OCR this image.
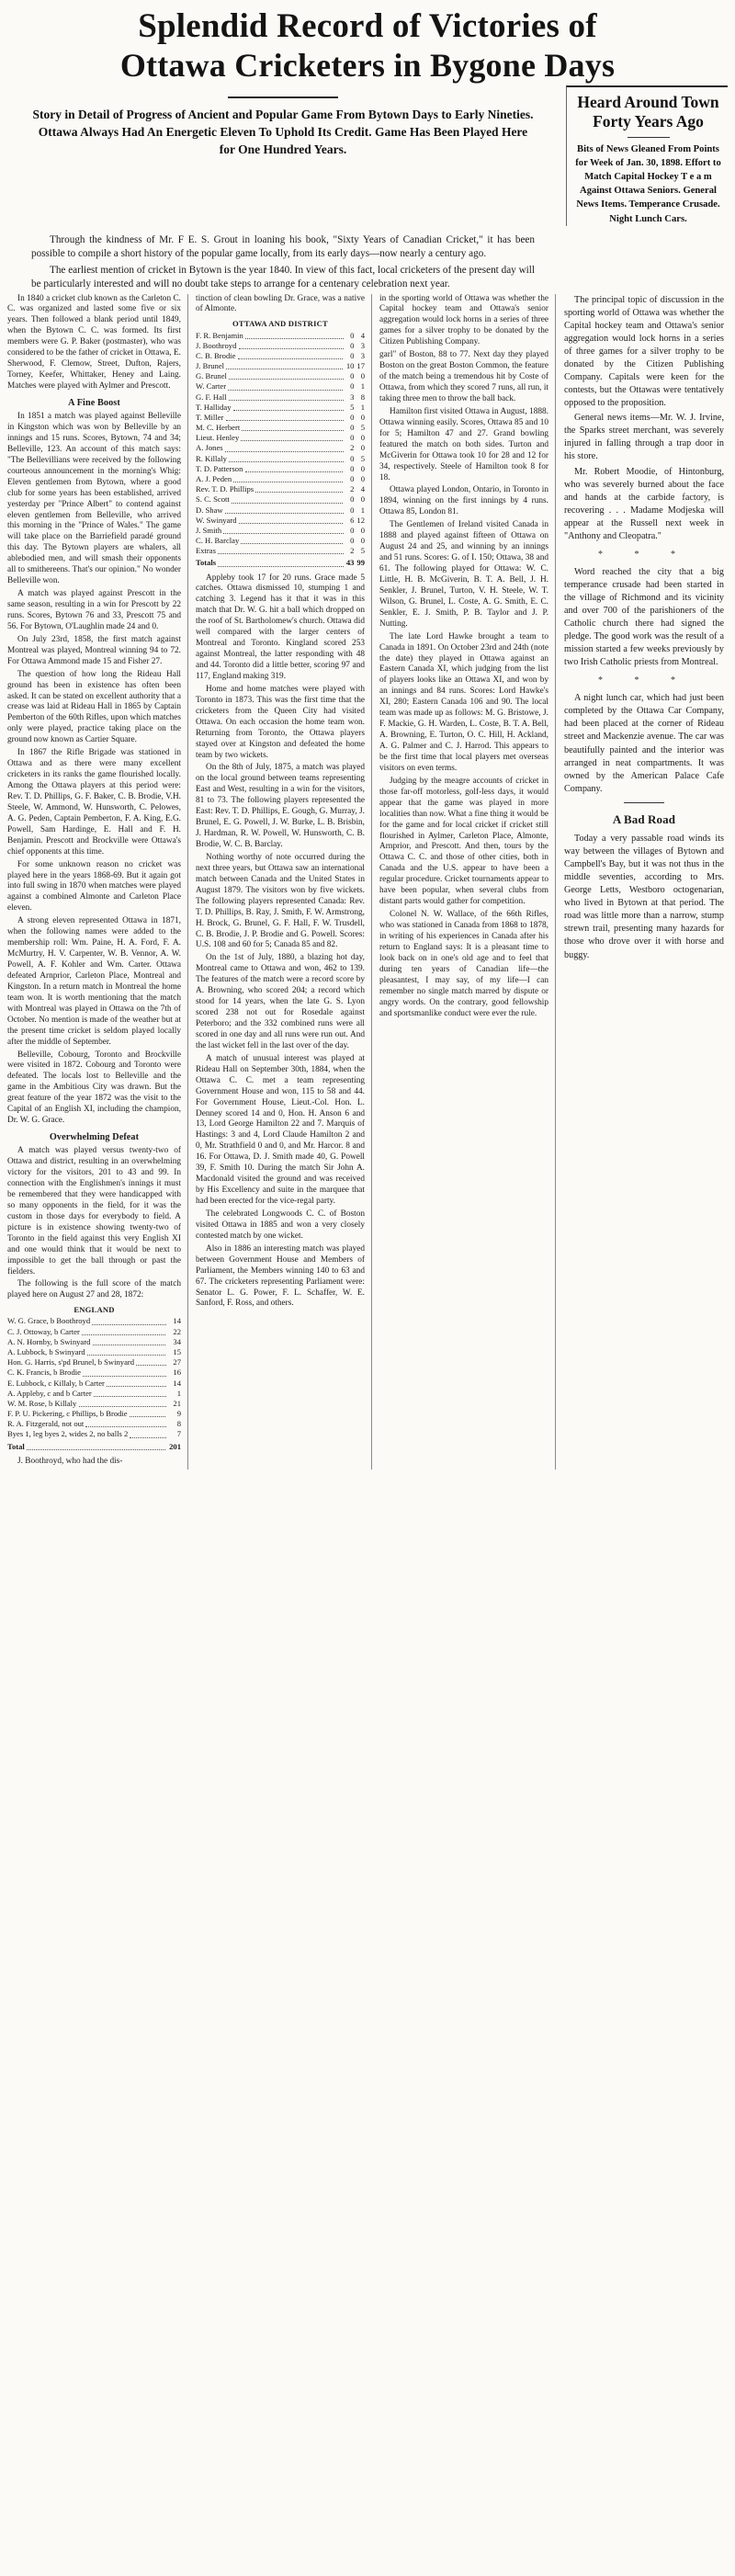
Splendid Record of Victories of
Ottawa Cricketers in Bygone Days

Story in Detail of Progress of Ancient and Popular Game From Bytown Days to Early Nineties. Ottawa Always Had An Energetic Eleven To Uphold Its Credit. Game Has Been Played Here for One Hundred Years.

Heard Around Town
Forty Years Ago
Bits of News Gleaned From Points for Week of Jan. 30, 1898. Effort to Match Capital Hockey T e a m Against Ottawa Seniors. General News Items. Temperance Crusade. Night Lunch Cars.

Through the kindness of Mr. F E. S. Grout in loaning his book, "Sixty Years of Canadian Cricket," it has been possible to compile a short history of the popular game locally, from its early days—now nearly a century ago.

The earliest mention of cricket in Bytown is the year 1840. In view of this fact, local cricketers of the present day will be particularly interested and will no doubt take steps to arrange for a centenary celebration next year.

In 1840 a cricket club known as the Carleton C. C. was organized and lasted some five or six years. Then followed a blank period until 1849, when the Bytown C. C. was formed. Its first members were G. P. Baker (postmaster), who was considered to be the father of cricket in Ottawa, E. Sherwood, F. Clemow, Street, Dufton, Rajers, Torney, Keefer, Whittaker, Heney and Laing. Matches were played with Aylmer and Prescott.

A Fine Boost

In 1851 a match was played against Belleville in Kingston which was won by Belleville by an innings and 15 runs. Scores, Bytown, 74 and 34; Belleville, 123. An account of this match says: "The Bellevillians were received by the following courteous announcement in the morning's Whig: Eleven gentlemen from Bytown, where a good club for some years has been established, arrived yesterday per "Prince Albert" to contend against eleven gentlemen from Belleville, who arrived this morning in the "Prince of Wales." The game will take place on the Barriefield paradé ground this day. The Bytown players are whalers, all ablebodied men, and will smash their opponents all to smithereens. That's our opinion." No wonder Belleville won.

A match was played against Prescott in the same season, resulting in a win for Prescott by 22 runs. Scores, Bytown 76 and 33, Prescott 75 and 56. For Bytown, O'Laughlin made 24 and 0.

On July 23rd, 1858, the first match against Montreal was played, Montreal winning 94 to 72. For Ottawa Ammond made 15 and Fisher 27.

The question of how long the Rideau Hall ground has been in existence has often been asked. It can be stated on excellent authority that a crease was laid at Rideau Hall in 1865 by Captain Pemberton of the 60th Rifles, upon which matches only were played, practice taking place on the ground now known as Cartier Square.

In 1867 the Rifle Brigade was stationed in Ottawa and as there were many excellent cricketers in its ranks the game flourished locally. Among the Ottawa players at this period were: Rev. T. D. Phillips, G. F. Baker, C. B. Brodie, V.H. Steele, W. Ammond, W. Hunsworth, C. Pelowes, A. G. Peden, Captain Pemberton, F. A. King, E.G. Powell, Sam Hardinge, E. Hall and F. H. Benjamin. Prescott and Brockville were Ottawa's chief opponents at this time.

For some unknown reason no cricket was played here in the years 1868-69. But it again got into full swing in 1870 when matches were played against a combined Almonte and Carleton Place eleven.

A strong eleven represented Ottawa in 1871, when the following names were added to the membership roll: Wm. Paine, H. A. Ford, F. A. McMurtry, H. V. Carpenter, W. B. Vennor, A. W. Powell, A. F. Kohler and Wm. Carter. Ottawa defeated Arnprior, Carleton Place, Montreal and Kingston. In a return match in Montreal the home team won. It is worth mentioning that the match with Montreal was played in Ottawa on the 7th of October. No mention is made of the weather but at the present time cricket is seldom played locally after the middle of September.

Belleville, Cobourg, Toronto and Brockville were visited in 1872. Cobourg and Toronto were defeated. The locals lost to Belleville and the game in the Ambitious City was drawn. But the great feature of the year 1872 was the visit to the Capital of an English XI, including the champion, Dr. W. G. Grace.

Overwhelming Defeat

A match was played versus twenty-two of Ottawa and district, resulting in an overwhelming victory for the visitors, 201 to 43 and 99. In connection with the Englishmen's innings it must be remembered that they were handicapped with so many opponents in the field, for it was the custom in those days for everybody to field. A picture is in existence showing twenty-two of Toronto in the field against this very English XI and one would think that it would be next to impossible to get the ball through or past the fielders.

The following is the full score of the match played here on August 27 and 28, 1872:

ENGLAND
W. G. Grace, b Boothroyd	14
C. J. Ottoway, b Carter	22
A. N. Hornby, b Swinyard	34
A. Lubbock, b Swinyard	15
Hon. G. Harris, s'pd Brunel, b Swinyard	27
C. K. Francis, b Brodie	16
E. Lubbock, c Killaly, b Carter	14
A. Appleby, c and b Carter	1
W. M. Rose, b Killaly	21
F. P. U. Pickering, c Phillips, b Brodie	9
R. A. Fitzgerald, not out	8
Byes 1, leg byes 2, wides 2, no balls 2	7
Total	201

J. Boothroyd, who had the dis-

tinction of clean bowling Dr. Grace, was a native of Almonte.

OTTAWA AND DISTRICT
F. R. Benjamin	0	4
J. Boothroyd	0	3
C. B. Brodie	0	3
J. Brunel	10	17
G. Brunel	0	0
W. Carter	0	1
G. F. Hall	3	8
T. Halliday	5	1
T. Miller	0	0
M. C. Herbert	0	5
Lieut. Henley	0	0
A. Jones	2	0
R. Killaly	0	5
T. D. Patterson	0	0
A. J. Peden	0	0
Rev. T. D. Phillips	2	4
S. C. Scott	0	0
D. Shaw	0	1
W. Swinyard	6	12
J. Smith	0	0
C. H. Barclay	0	0
Extras	2	5
Totals	43	99

Appleby took 17 for 20 runs. Grace made 5 catches. Ottawa dismissed 10, stumping 1 and catching 3. Legend has it that it was in this match that Dr. W. G. hit a ball which dropped on the roof of St. Bartholomew's church. Ottawa did well compared with the larger centers of Montreal and Toronto. Kingland scored 253 against Montreal, the latter responding with 48 and 44. Toronto did a little better, scoring 97 and 117, England making 319.

Home and home matches were played with Toronto in 1873. This was the first time that the cricketers from the Queen City had visited Ottawa. On each occasion the home team won. Returning from Toronto, the Ottawa players stayed over at Kingston and defeated the home team by two wickets.

On the 8th of July, 1875, a match was played on the local ground between teams representing East and West, resulting in a win for the visitors, 81 to 73. The following players represented the East: Rev. T. D. Phillips, E. Gough, G. Murray, J. Brunel, E. G. Powell, J. W. Burke, L. B. Brisbin, J. Hardman, R. W. Powell, W. Hunsworth, C. B. Brodie, W. C. B. Barclay.

Nothing worthy of note occurred during the next three years, but Ottawa saw an international match between Canada and the United States in August 1879. The visitors won by five wickets. The following players represented Canada: Rev. T. D. Phillips, B. Ray, J. Smith, F. W. Armstrong, H. Brock, G. Brunel, G. F. Hall, F. W. Trusdell, C. B. Brodie, J. P. Brodie and G. Powell. Scores: U.S. 108 and 60 for 5; Canada 85 and 82.

On the 1st of July, 1880, a blazing hot day, Montreal came to Ottawa and won, 462 to 139. The features of the match were a record score by A. Browning, who scored 204; a record which stood for 14 years, when the late G. S. Lyon scored 238 not out for Rosedale against Peterboro; and the 332 combined runs were all scored in one day and all runs were run out. And the last wicket fell in the last over of the day.

A match of unusual interest was played at Rideau Hall on September 30th, 1884, when the Ottawa C. C. met a team representing Government House and won, 115 to 58 and 44. For Government House, Lieut.-Col. Hon. L. Denney scored 14 and 0, Hon. H. Anson 6 and 13, Lord George Hamilton 22 and 7. Marquis of Hastings: 3 and 4, Lord Claude Hamilton 2 and 0, Mr. Strathfield 0 and 0, and Mr. Harcor. 8 and 16. For Ottawa, D. J. Smith made 40, G. Powell 39, F. Smith 10. During the match Sir John A. Macdonald visited the ground and was received by His Excellency and suite in the marquee that had been erected for the vice-regal party.

The celebrated Longwoods C. C. of Boston visited Ottawa in 1885 and won a very closely contested match by one wicket.

Also in 1886 an interesting match was played between Government House and Members of Parliament, the Members winning 140 to 63 and 67. The cricketers representing Parliament were: Senator L. G. Power, F. L. Schaffer, W. E. Sanford, F. Ross, and others.

in the sporting world of Ottawa was whether the Capital hockey team and Ottawa's senior aggregation would lock horns in a series of three games for a silver trophy to be donated by the Citizen Publishing Company.

garl" of Boston, 88 to 77. Next day they played Boston on the great Boston Common, the feature of the match being a tremendous hit by Coste of Ottawa, from which they scored 7 runs, all run, it taking three men to throw the ball back.

Hamilton first visited Ottawa in August, 1888. Ottawa winning easily. Scores, Ottawa 85 and 10 for 5; Hamilton 47 and 27. Grand bowling featured the match on both sides. Turton and McGiverin for Ottawa took 10 for 28 and 12 for 34, respectively. Steele of Hamilton took 8 for 18.

Ottawa played London, Ontario, in Toronto in 1894, winning on the first innings by 4 runs. Ottawa 85, London 81.

The Gentlemen of Ireland visited Canada in 1888 and played against fifteen of Ottawa on August 24 and 25, and winning by an innings and 51 runs. Scores: G. of I. 150; Ottawa, 38 and 61. The following played for Ottawa: W. C. Little, H. B. McGiverin, B. T. A. Bell, J. H. Senkler, J. Brunel, Turton, V. H. Steele, W. T. Wilson, G. Brunel, L. Coste, A. G. Smith, E. C. Senkler, E. J. Smith, P. B. Taylor and J. P. Nutting.

The late Lord Hawke brought a team to Canada in 1891. On October 23rd and 24th (note the date) they played in Ottawa against an Eastern Canada XI, which judging from the list of players looks like an Ottawa XI, and won by an innings and 84 runs. Scores: Lord Hawke's XI, 280; Eastern Canada 106 and 90. The local team was made up as follows: M. G. Bristowe, J. F. Mackie, G. H. Warden, L. Coste, B. T. A. Bell, A. Browning, E. Turton, O. C. Hill, H. Ackland, A. G. Palmer and C. J. Harrod. This appears to be the first time that local players met overseas visitors on even terms.

Judging by the meagre accounts of cricket in those far-off motorless, golf-less days, it would appear that the game was played in more localities than now. What a fine thing it would be for the game and for local cricket if cricket still flourished in Aylmer, Carleton Place, Almonte, Arnprior, and Prescott. And then, tours by the Ottawa C. C. and those of other cities, both in Canada and the U.S. appear to have been a regular procedure. Cricket tournaments appear to have been popular, when several clubs from distant parts would gather for competition.

Colonel N. W. Wallace, of the 66th Rifles, who was stationed in Canada from 1868 to 1878, in writing of his experiences in Canada after his return to England says: It is a pleasant time to look back on in one's old age and to feel that during ten years of Canadian life—the pleasantest, I may say, of my life—I can remember no single match marred by dispute or angry words. On the contrary, good fellowship and sportsmanlike conduct were ever the rule.

The principal topic of discussion in the sporting world of Ottawa was whether the Capital hockey team and Ottawa's senior aggregation would lock horns in a series of three games for a silver trophy to be donated by the Citizen Publishing Company. Capitals were keen for the contests, but the Ottawas were tentatively opposed to the proposition.

General news items—Mr. W. J. Irvine, the Sparks street merchant, was severely injured in falling through a trap door in his store.

Mr. Robert Moodie, of Hintonburg, who was severely burned about the face and hands at the carbide factory, is recovering . . . Madame Modjeska will appear at the Russell next week in "Anthony and Cleopatra."

* * *

Word reached the city that a big temperance crusade had been started in the village of Richmond and its vicinity and over 700 of the parishioners of the Catholic church there had signed the pledge. The good work was the result of a mission started a few weeks previously by two Irish Catholic priests from Montreal.

* * *

A night lunch car, which had just been completed by the Ottawa Car Company, had been placed at the corner of Rideau street and Mackenzie avenue. The car was beautifully painted and the interior was arranged in neat compartments. It was owned by the American Palace Cafe Company.

A Bad Road

Today a very passable road winds its way between the villages of Bytown and Campbell's Bay, but it was not thus in the middle seventies, according to Mrs. George Letts, Westboro octogenarian, who lived in Bytown at that period. The road was little more than a narrow, stump strewn trail, presenting many hazards for those who drove over it with horse and buggy.
